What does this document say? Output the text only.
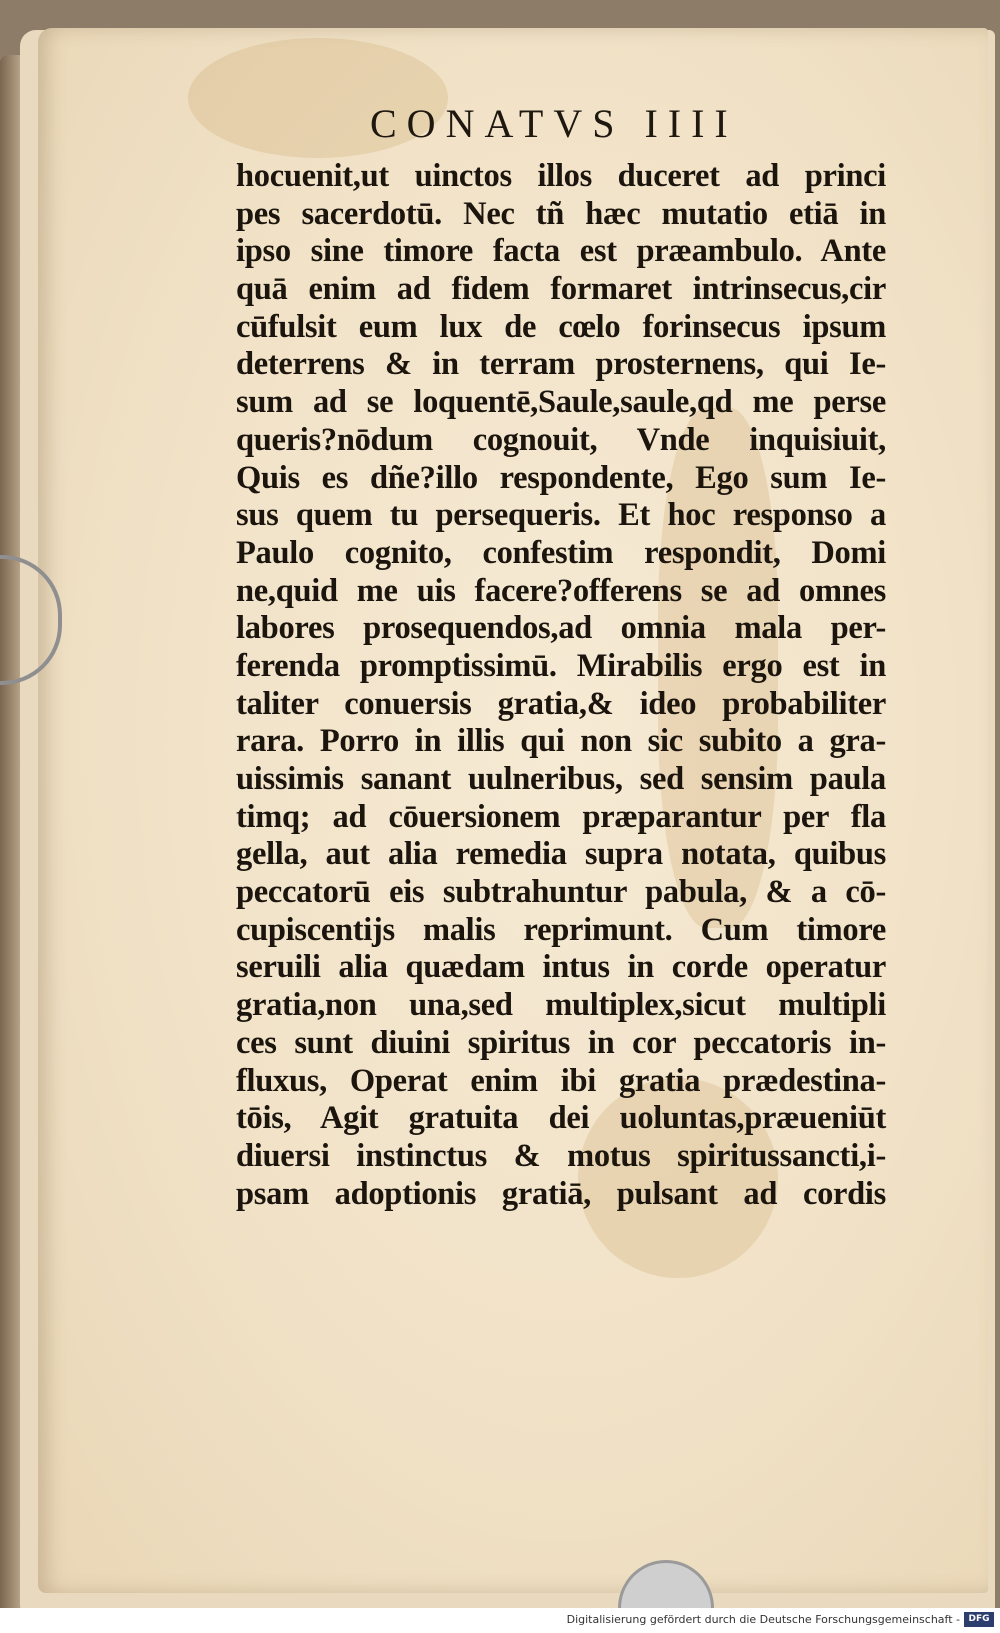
CONATVS IIII
hocuenit,ut uinctos illos duceret ad princi
pes sacerdotū. Nec tñ hæc mutatio etiā in
ipso sine timore facta est præambulo. Ante
quā enim ad fidem formaret intrinsecus,cir
cūfulsit eum lux de cœlo forinsecus ipsum
deterrens & in terram prosternens, qui Ie-
sum ad se loquentē,Saule,saule,qd me perse
queris?nōdum cognouit, Vnde inquisiuit,
Quis es dñe?illo respondente, Ego sum Ie-
sus quem tu persequeris. Et hoc responso a
Paulo cognito, confestim respondit, Domi
ne,quid me uis facere?offerens se ad omnes
labores prosequendos,ad omnia mala per-
ferenda promptissimū. Mirabilis ergo est in
taliter conuersis gratia,& ideo probabiliter
rara. Porro in illis qui non sic subito a gra-
uissimis sanant uulneribus, sed sensim paula
timq; ad cōuersionem præparantur per fla
gella, aut alia remedia supra notata, quibus
peccatorū eis subtrahuntur pabula, & a cō-
cupiscentijs malis reprimunt. Cum timore
seruili alia quædam intus in corde operatur
gratia,non una,sed multiplex,sicut multipli
ces sunt diuini spiritus in cor peccatoris in-
fluxus, Operat enim ibi gratia prædestina-
tōis, Agit gratuita dei uoluntas,præueniūt
diuersi instinctus & motus spiritussancti,i-
psam adoptionis gratiā, pulsant ad cordis
Digitalisierung gefördert durch die Deutsche Forschungsgemeinschaft - DFG
